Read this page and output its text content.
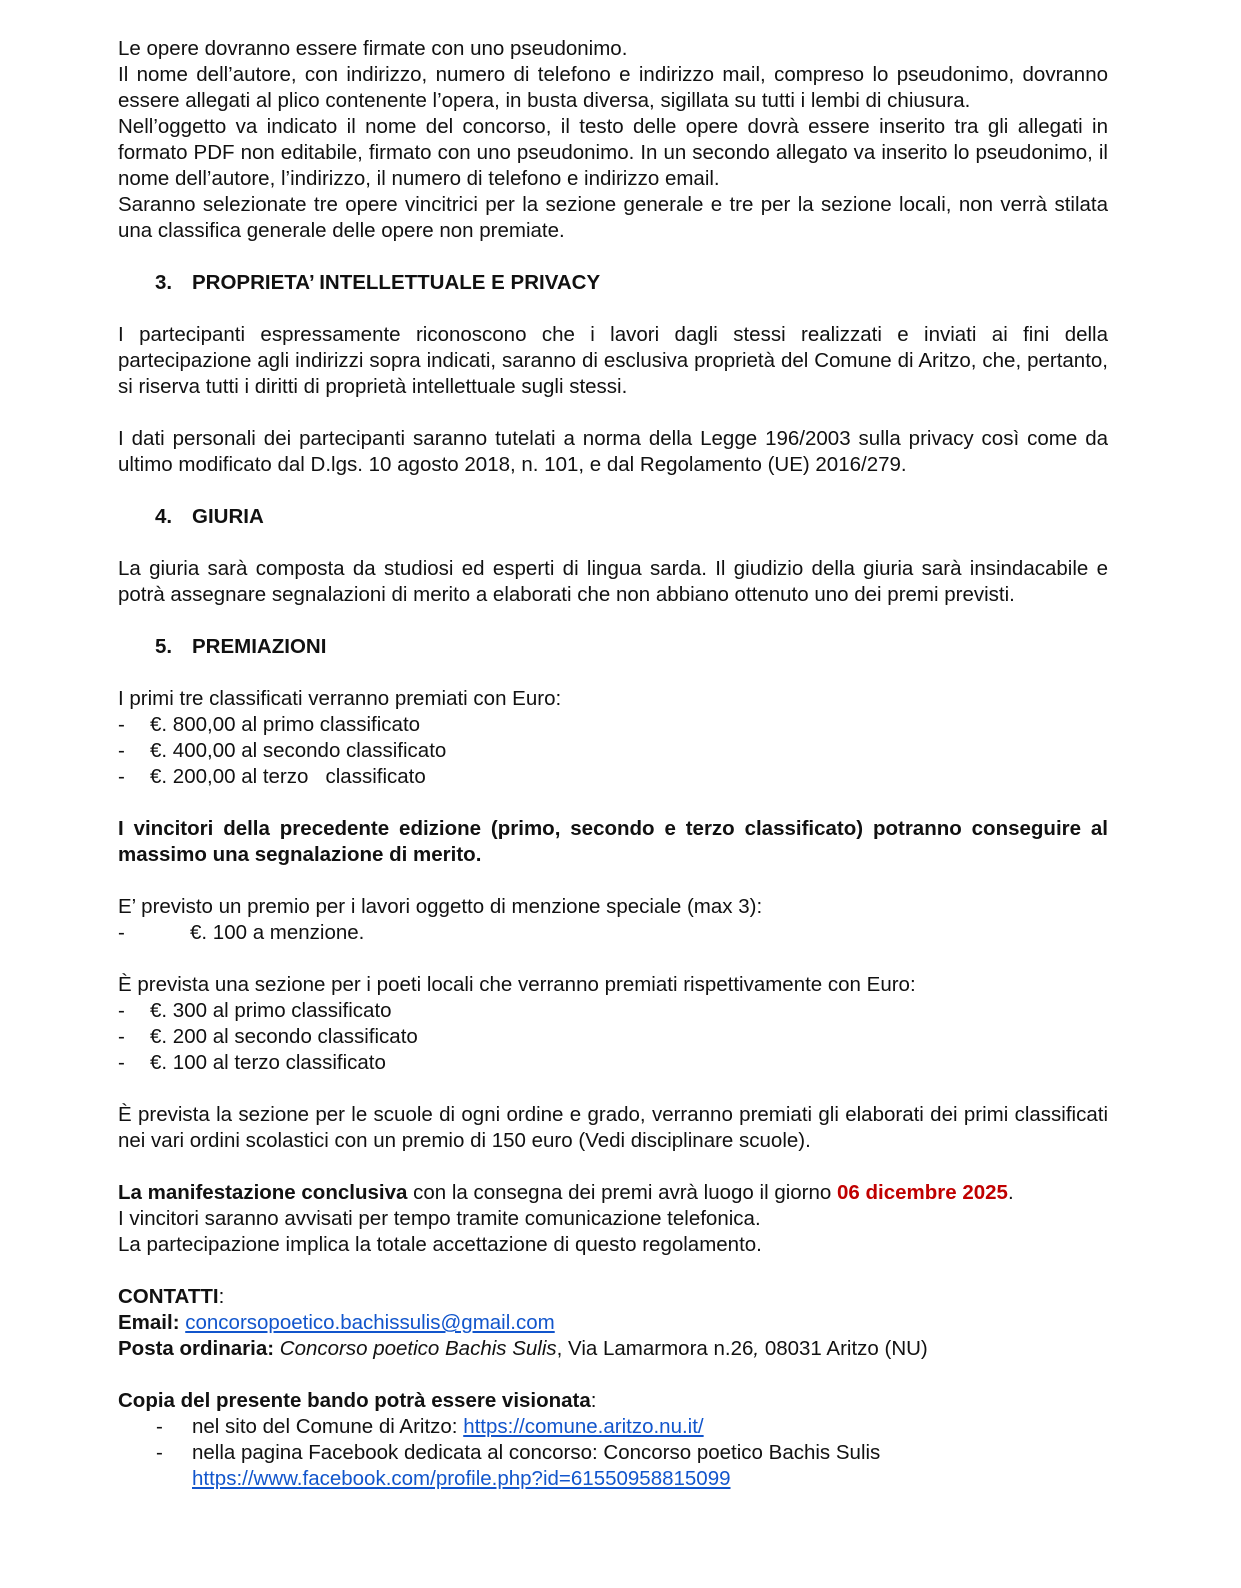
Le opere dovranno essere firmate con uno pseudonimo.

Il nome dell’autore, con indirizzo, numero di telefono e indirizzo mail, compreso lo pseudonimo, dovranno essere allegati al plico contenente l’opera, in busta diversa, sigillata su tutti i lembi di chiusura.

Nell’oggetto va indicato il nome del concorso, il testo delle opere dovrà essere inserito tra gli allegati in formato PDF non editabile, firmato con uno pseudonimo. In un secondo allegato va inserito lo pseudonimo, il nome dell’autore, l’indirizzo, il numero di telefono e indirizzo email.

Saranno selezionate tre opere vincitrici per la sezione generale e tre per la sezione locali, non verrà stilata una classifica generale delle opere non premiate.

3. PROPRIETA’ INTELLETTUALE E PRIVACY

I partecipanti espressamente riconoscono che i lavori dagli stessi realizzati e inviati ai fini della partecipazione agli indirizzi sopra indicati, saranno di esclusiva proprietà del Comune di Aritzo, che, pertanto, si riserva tutti i diritti di proprietà intellettuale sugli stessi.

I dati personali dei partecipanti saranno tutelati a norma della Legge 196/2003 sulla privacy così come da ultimo modificato dal D.lgs. 10 agosto 2018, n. 101, e dal Regolamento (UE) 2016/279.

4. GIURIA

La giuria sarà composta da studiosi ed esperti di lingua sarda. Il giudizio della giuria sarà insindacabile e potrà assegnare segnalazioni di merito a elaborati che non abbiano ottenuto uno dei premi previsti.

5. PREMIAZIONI

I primi tre classificati verranno premiati con Euro:

-	€. 800,00 al primo classificato
-	€. 400,00 al secondo classificato
-	€. 200,00 al terzo   classificato

I vincitori della precedente edizione (primo, secondo e terzo classificato) potranno conseguire al massimo una segnalazione di merito.

E’ previsto un premio per i lavori oggetto di menzione speciale (max 3):

-	€. 100 a menzione.

È prevista una sezione per i poeti locali che verranno premiati rispettivamente con Euro:

-	€. 300 al primo classificato
-	€. 200 al secondo classificato
-	€. 100 al terzo classificato

È prevista la sezione per le scuole di ogni ordine e grado, verranno premiati gli elaborati dei primi classificati nei vari ordini scolastici con un premio di 150 euro (Vedi disciplinare scuole).

La manifestazione conclusiva con la consegna dei premi avrà luogo il giorno 06 dicembre 2025.

I vincitori saranno avvisati per tempo tramite comunicazione telefonica.

La partecipazione implica la totale accettazione di questo regolamento.

CONTATTI:

Email: concorsopoetico.bachissulis@gmail.com

Posta ordinaria: Concorso poetico Bachis Sulis, Via Lamarmora n.26, 08031 Aritzo (NU)

Copia del presente bando potrà essere visionata:

-	nel sito del Comune di Aritzo: https://comune.aritzo.nu.it/
-	nella pagina Facebook dedicata al concorso: Concorso poetico Bachis Sulis
https://www.facebook.com/profile.php?id=61550958815099
